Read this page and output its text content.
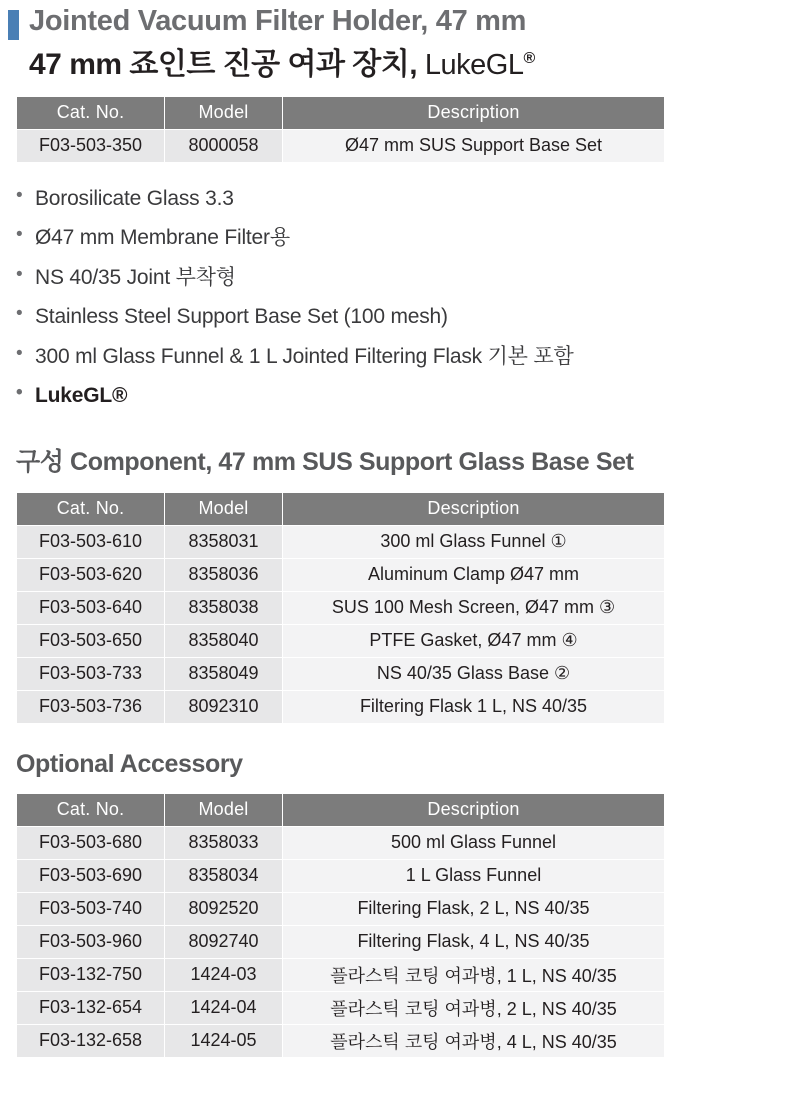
Jointed Vacuum Filter Holder, 47 mm
47 mm 죠인트 진공 여과 장치, LukeGL®
Cat. No.	Model	Description
F03-503-350	8000058	Ø47 mm SUS Support Base Set
• Borosilicate Glass 3.3
• Ø47 mm Membrane Filter용
• NS 40/35 Joint 부착형
• Stainless Steel Support Base Set (100 mesh)
• 300 ml Glass Funnel & 1 L Jointed Filtering Flask 기본 포함
• LukeGL®
구성 Component, 47 mm SUS Support Glass Base Set
Cat. No.	Model	Description
F03-503-610	8358031	300 ml Glass Funnel ①
F03-503-620	8358036	Aluminum Clamp Ø47 mm
F03-503-640	8358038	SUS 100 Mesh Screen, Ø47 mm ③
F03-503-650	8358040	PTFE Gasket, Ø47 mm ④
F03-503-733	8358049	NS 40/35 Glass Base ②
F03-503-736	8092310	Filtering Flask 1 L, NS 40/35
Optional Accessory
Cat. No.	Model	Description
F03-503-680	8358033	500 ml Glass Funnel
F03-503-690	8358034	1 L Glass Funnel
F03-503-740	8092520	Filtering Flask, 2 L, NS 40/35
F03-503-960	8092740	Filtering Flask, 4 L, NS 40/35
F03-132-750	1424-03	플라스틱 코팅 여과병, 1 L, NS 40/35
F03-132-654	1424-04	플라스틱 코팅 여과병, 2 L, NS 40/35
F03-132-658	1424-05	플라스틱 코팅 여과병, 4 L, NS 40/35
